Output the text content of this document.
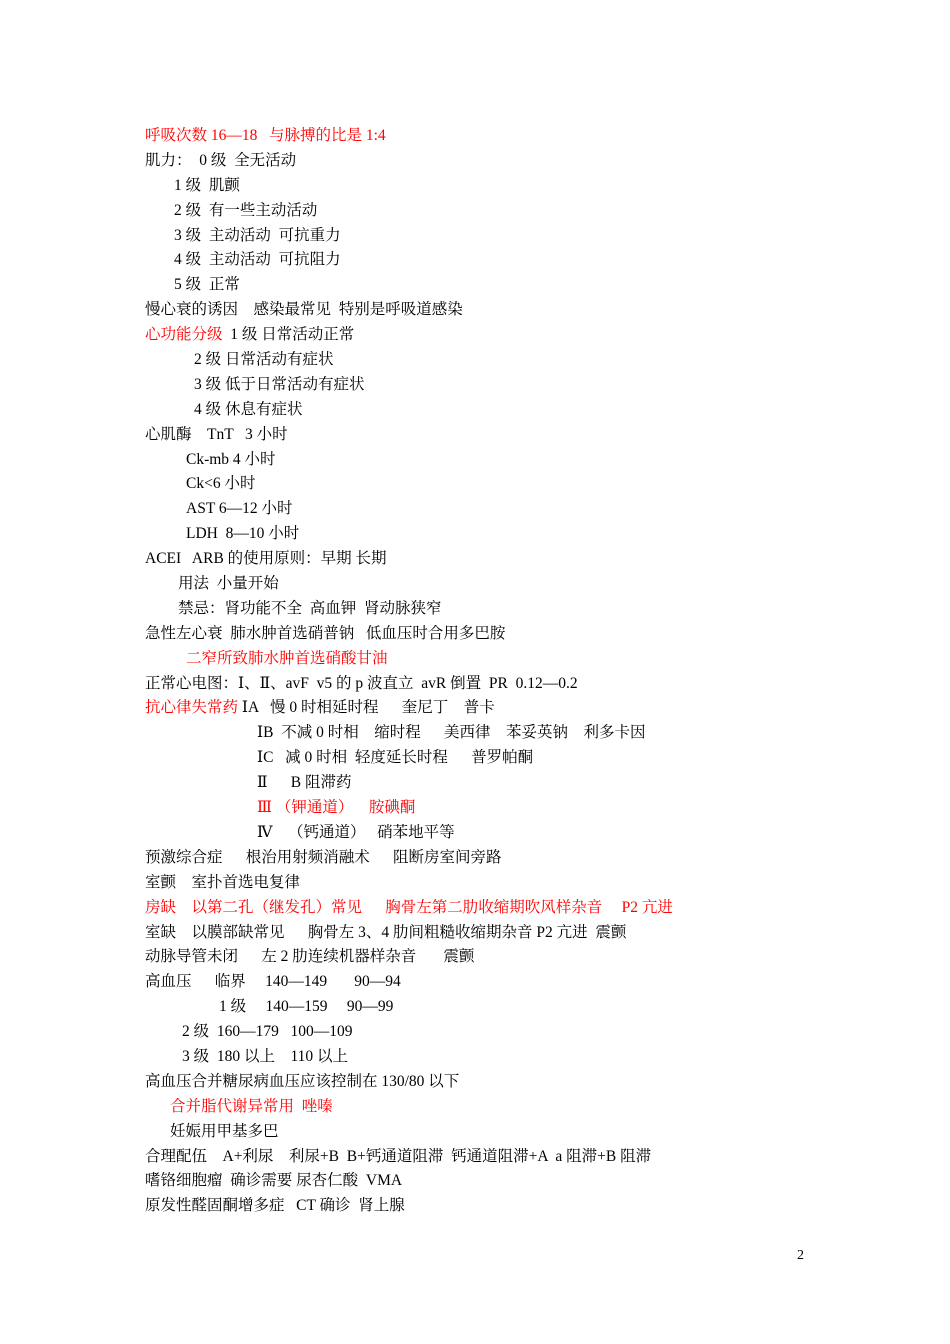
呼吸次数 16—18   与脉搏的比是 1:4
肌力：  0 级  全无活动
1 级  肌颤
2 级  有一些主动活动
3 级  主动活动  可抗重力
4 级  主动活动  可抗阻力
5 级  正常
慢心衰的诱因    感染最常见  特别是呼吸道感染
心功能分级  1 级 日常活动正常
2 级 日常活动有症状
3 级 低于日常活动有症状
4 级 休息有症状
心肌酶    TnT   3 小时
Ck-mb 4 小时
Ck<6 小时
AST 6—12 小时
LDH  8—10 小时
ACEI   ARB 的使用原则：早期 长期
用法  小量开始
禁忌：肾功能不全  高血钾  肾动脉狭窄
急性左心衰  肺水肿首选硝普钠   低血压时合用多巴胺
二窄所致肺水肿首选硝酸甘油
正常心电图：Ⅰ、Ⅱ、avF  v5 的 p 波直立  avR 倒置  PR  0.12—0.2
抗心律失常药 ⅠA   慢 0 时相延时程      奎尼丁    普卡
ⅠB  不减 0 时相    缩时程      美西律    苯妥英钠    利多卡因
ⅠC   减 0 时相  轻度延长时程      普罗帕酮
Ⅱ      B 阻滞药
Ⅲ （钾通道）    胺碘酮
Ⅳ    （钙通道）   硝苯地平等
预激综合症      根治用射频消融术      阻断房室间旁路
室颤    室扑首选电复律
房缺    以第二孔（继发孔）常见      胸骨左第二肋收缩期吹风样杂音     P2 亢进
室缺    以膜部缺常见      胸骨左 3、4 肋间粗糙收缩期杂音 P2 亢进  震颤
动脉导管未闭      左 2 肋连续机器样杂音       震颤
高血压      临界     140—149       90—94
1 级     140—159     90—99
2 级  160—179   100—109
3 级  180 以上    110 以上
高血压合并糖尿病血压应该控制在 130/80 以下
合并脂代谢异常用  唑嗪
妊娠用甲基多巴
合理配伍    A+利尿    利尿+B  B+钙通道阻滞  钙通道阻滞+A  a 阻滞+B 阻滞
嗜铬细胞瘤  确诊需要 尿杏仁酸  VMA
原发性醛固酮增多症   CT 确诊  肾上腺
2
